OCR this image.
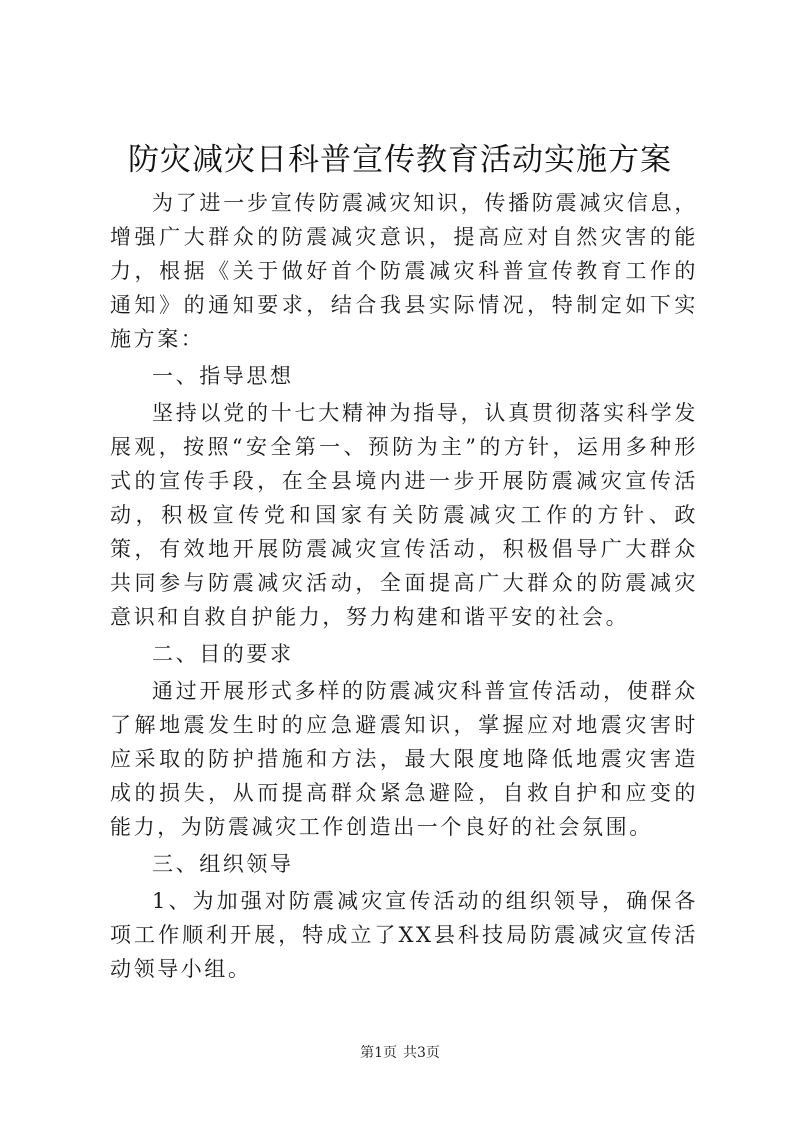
防灾减灾日科普宣传教育活动实施方案

为了进一步宣传防震减灾知识，传播防震减灾信息，增强广大群众的防震减灾意识，提高应对自然灾害的能力，根据《关于做好首个防震减灾科普宣传教育工作的通知》的通知要求，结合我县实际情况，特制定如下实施方案：

一、指导思想

坚持以党的十七大精神为指导，认真贯彻落实科学发展观，按照“安全第一、预防为主”的方针，运用多种形式的宣传手段，在全县境内进一步开展防震减灾宣传活动，积极宣传党和国家有关防震减灾工作的方针、政策，有效地开展防震减灾宣传活动，积极倡导广大群众共同参与防震减灾活动，全面提高广大群众的防震减灾意识和自救自护能力，努力构建和谐平安的社会。

二、目的要求

通过开展形式多样的防震减灾科普宣传活动，使群众了解地震发生时的应急避震知识，掌握应对地震灾害时应采取的防护措施和方法，最大限度地降低地震灾害造成的损失，从而提高群众紧急避险，自救自护和应变的能力，为防震减灾工作创造出一个良好的社会氛围。

三、组织领导

1、为加强对防震减灾宣传活动的组织领导，确保各项工作顺利开展，特成立了XX县科技局防震减灾宣传活动领导小组。

第1页 共3页
